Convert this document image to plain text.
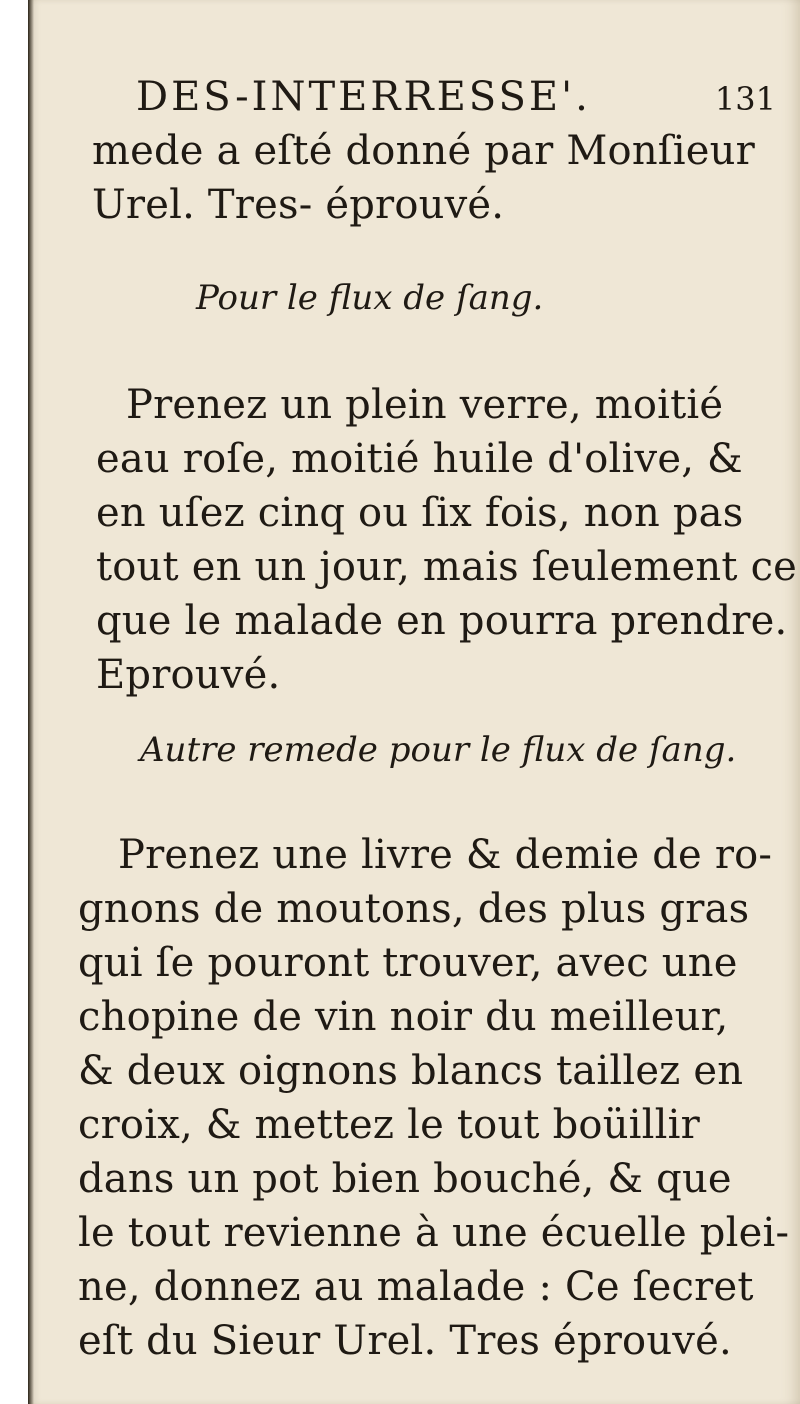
DES-INTERRESSE'.	131
mede a eſté donné par Monſieur
Urel. Tres- éprouvé.
Pour le flux de ſang.
Prenez un plein verre, moitié
eau roſe, moitié huile d'olive, &
en uſez cinq ou ſix fois, non pas
tout en un jour, mais ſeulement ce
que le malade en pourra prendre.
Eprouvé.
Autre remede pour le flux de ſang.
Prenez une livre & demie de ro-
gnons de moutons, des plus gras
qui ſe pouront trouver, avec une
chopine de vin noir du meilleur,
& deux oignons blancs taillez en
croix, & mettez le tout boüillir
dans un pot bien bouché, & que
le tout revienne à une écuelle plei-
ne, donnez au malade : Ce ſecret
eſt du Sieur Urel. Tres éprouvé.
